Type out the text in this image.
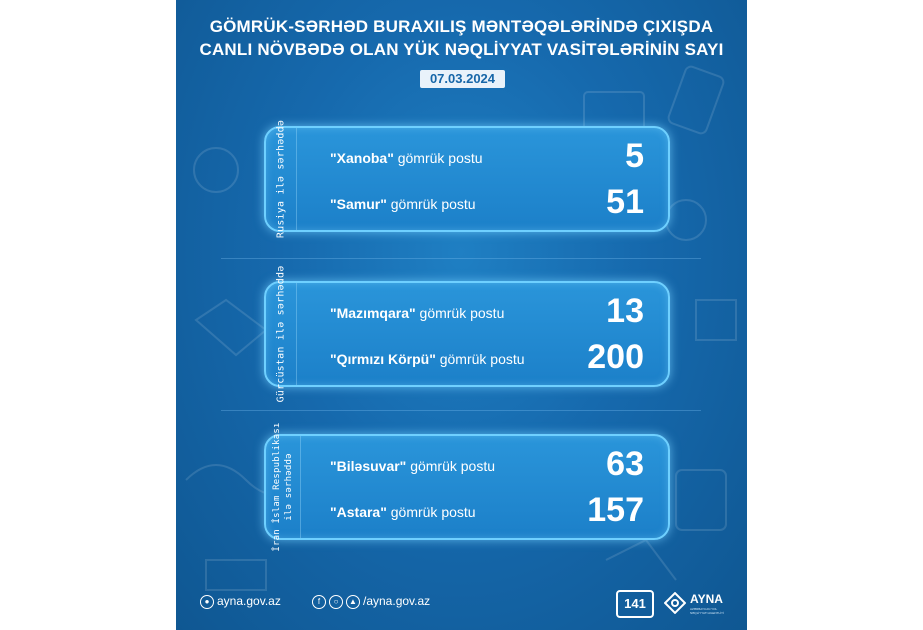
GÖMRÜK-SƏRHƏD BURAXILIŞ MƏNTƏQƏLƏRİNDƏ ÇIXIŞDA
CANLI NÖVBƏDƏ OLAN YÜK NƏQLİYYAT VASİTƏLƏRİNİN SAYI
07.03.2024
Rusiya ilə sərhəddə	"Xanoba" gömrük postu	5
"Samur" gömrük postu	51
Gürcüstan ilə sərhəddə	"Mazımqara" gömrük postu	13
"Qırmızı Körpü" gömrük postu 200
İran İslam Respublikası ilə sərhəddə	"Biləsuvar" gömrük postu	63
"Astara" gömrük postu	157
● ayna.gov.az	f ○ ▲ /ayna.gov.az	141	AYNA
AZƏRBAYCAN YOL NƏQLİYYATI AGENTLİYİ
